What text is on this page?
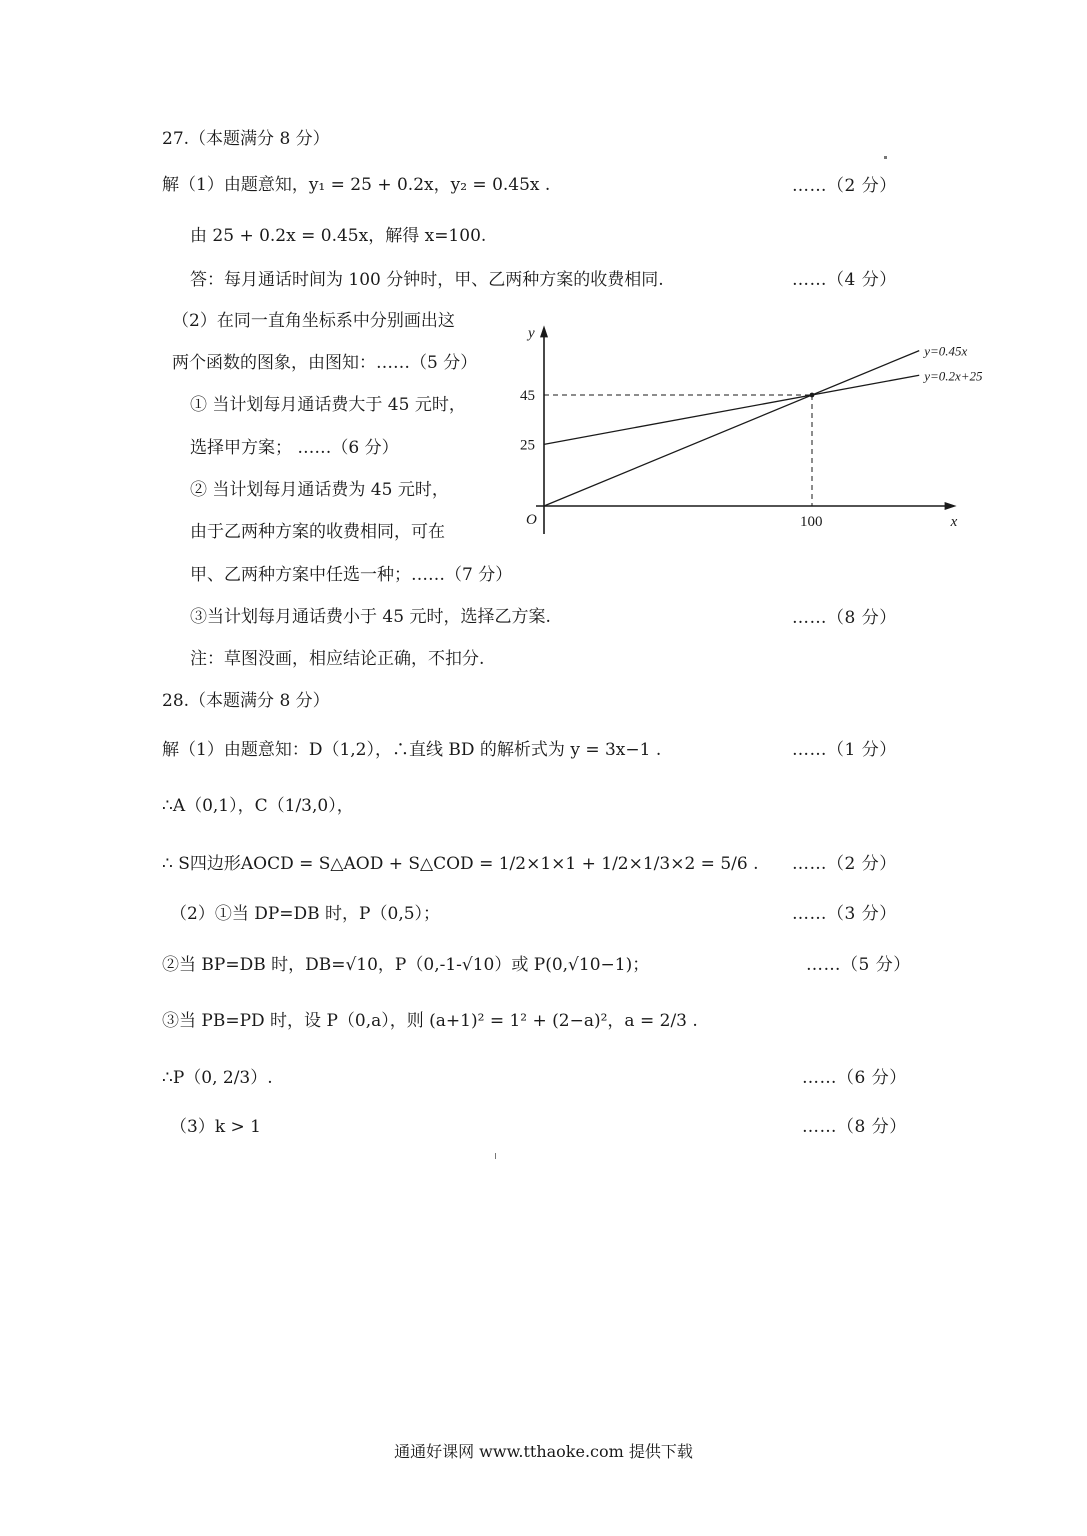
27.（本题满分 8 分）
解（1）由题意知，y₁ = 25 + 0.2x，y₂ = 0.45x .	……（2 分）
由 25 + 0.2x = 0.45x，解得 x=100.
答：每月通话时间为 100 分钟时，甲、乙两种方案的收费相同.	……（4 分）
（2）在同一直角坐标系中分别画出这
两个函数的图象，由图知：……（5 分）
① 当计划每月通话费大于 45 元时，
选择甲方案； ……（6 分）
② 当计划每月通话费为 45 元时，
由于乙两种方案的收费相同，可在
甲、乙两种方案中任选一种；……（7 分）
③当计划每月通话费小于 45 元时，选择乙方案.	……（8 分）
注：草图没画，相应结论正确，不扣分.
x
y
O
25
45
100
y=0.45x
y=0.2x+25
28.（本题满分 8 分）
解（1）由题意知：D（1,2），∴直线 BD 的解析式为 y = 3x−1 .	……（1 分）
∴A（0,1），C（1/3,0），
∴ S四边形AOCD = S△AOD + S△COD = 1/2×1×1 + 1/2×1/3×2 = 5/6 . ……（2 分）
（2）①当 DP=DB 时，P（0,5）；	……（3 分）
②当 BP=DB 时，DB=√10，P（0,-1-√10）或 P(0,√10−1)；	……（5 分）
③当 PB=PD 时，设 P（0,a），则 (a+1)² = 1² + (2−a)²，a = 2/3 .
∴P（0, 2/3）.	……（6 分）
（3）k > 1	……（8 分）
通通好课网 www.tthaoke.com 提供下载
